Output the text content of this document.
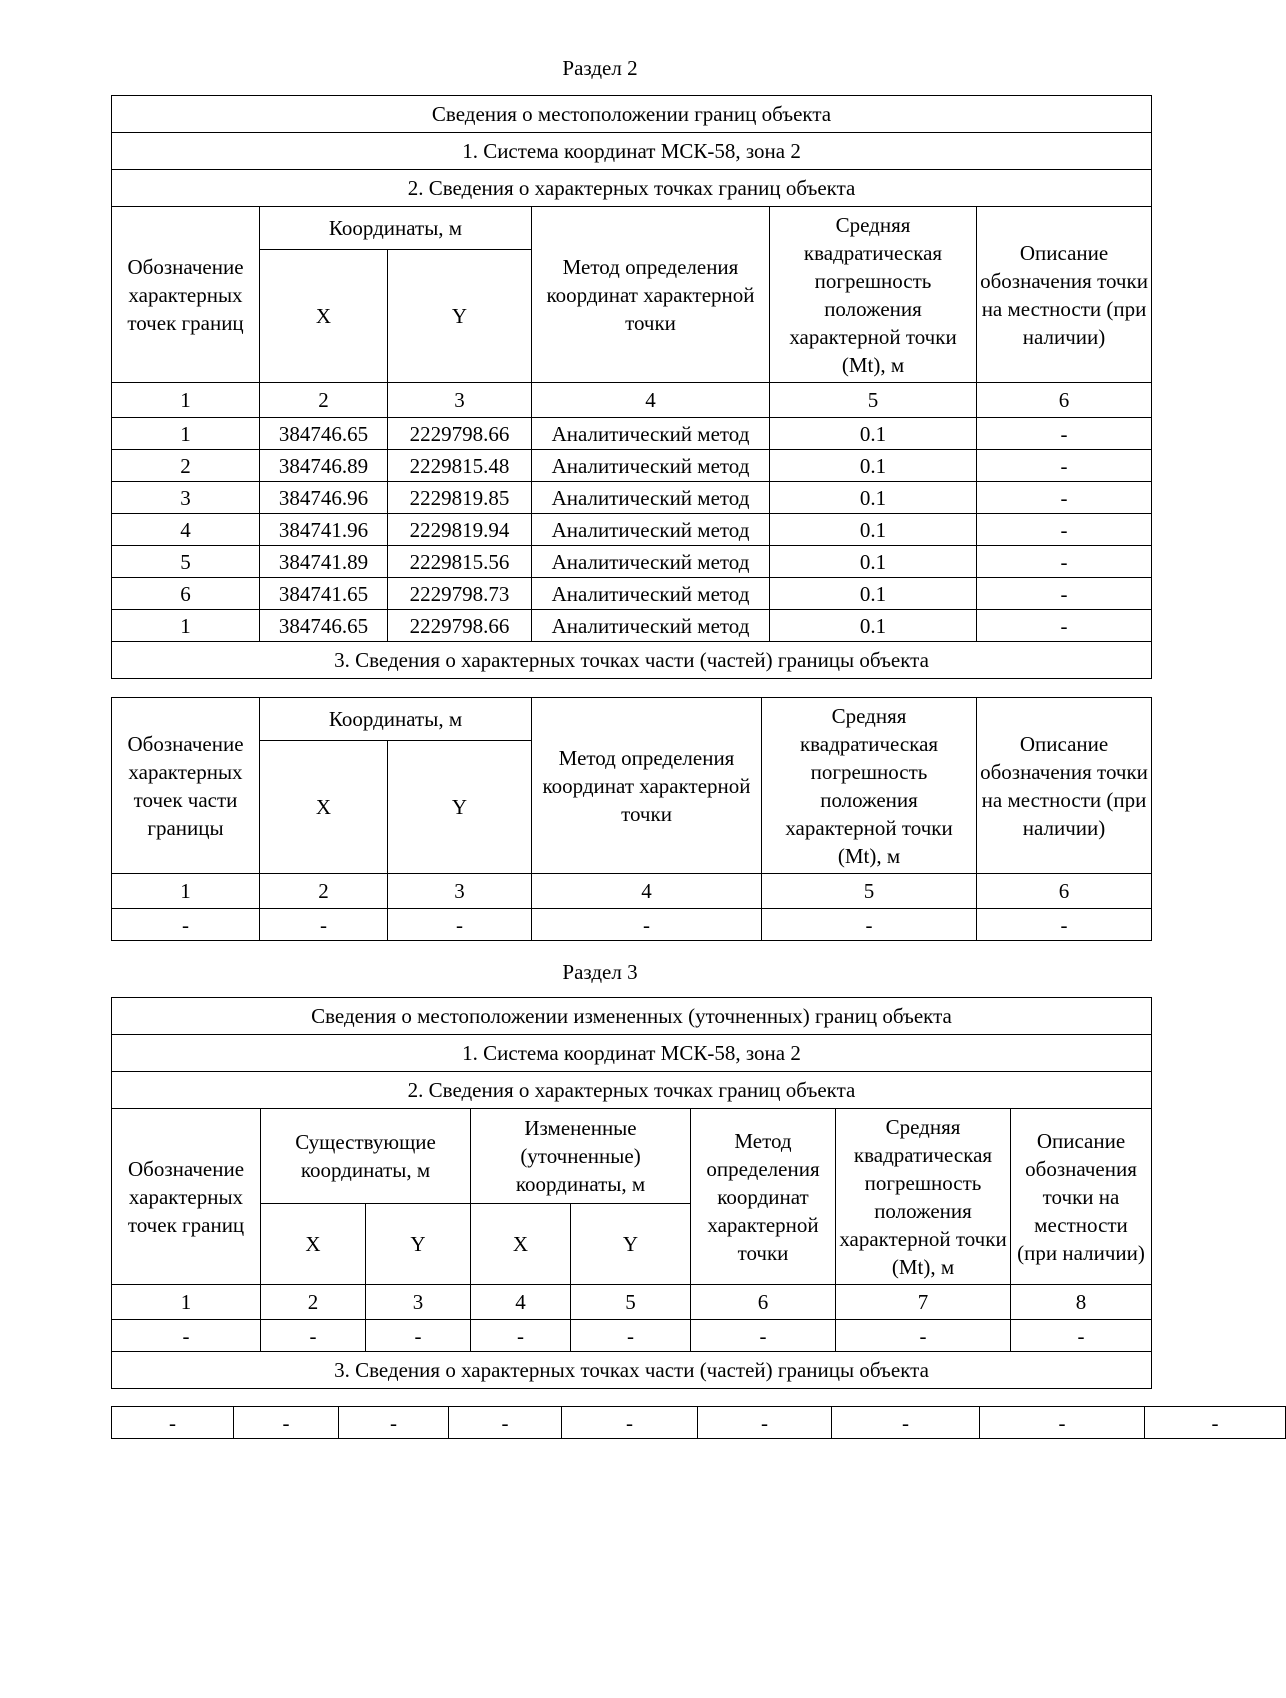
Раздел 2
Сведения о местоположении границ объекта					
1. Система координат МСК-58, зона 2					
2. Сведения о характерных точках границ объекта					
Обозначение характерных точек границ	Координаты, м		Метод определения координат характерной точки	Средняя квадратическая погрешность положения характерной точки (Mt), м	Описание обозначения точки на местности (при наличии)
	X	Y			
1	2	3	4	5	6
1	384746.65	2229798.66	Аналитический метод	0.1	-
2	384746.89	2229815.48	Аналитический метод	0.1	-
3	384746.96	2229819.85	Аналитический метод	0.1	-
4	384741.96	2229819.94	Аналитический метод	0.1	-
5	384741.89	2229815.56	Аналитический метод	0.1	-
6	384741.65	2229798.73	Аналитический метод	0.1	-
1	384746.65	2229798.66	Аналитический метод	0.1	-
3. Сведения о характерных точках части (частей) границы объекта					
Обозначение характерных точек части границы	Координаты, м		Метод определения координат характерной точки	Средняя квадратическая погрешность положения характерной точки (Mt), м	Описание обозначения точки на местности (при наличии)
	X	Y			
1	2	3	4	5	6
-	-	-	-	-	-
Раздел 3
Сведения о местоположении измененных (уточненных) границ объекта							
1. Система координат МСК-58, зона 2							
2. Сведения о характерных точках границ объекта							
Обозначение характерных точек границ	Существующие координаты, м		Измененные (уточненные) координаты, м		Метод определения координат характерной точки	Средняя квадратическая погрешность положения характерной точки (Mt), м	Описание обозначения точки на местности (при наличии)
	X	Y	X	Y			
1	2	3	4	5	6	7	8
-	-	-	-	-	-	-	-
3. Сведения о характерных точках части (частей) границы объекта							
-	-	-	-	-	-	-	-	-
